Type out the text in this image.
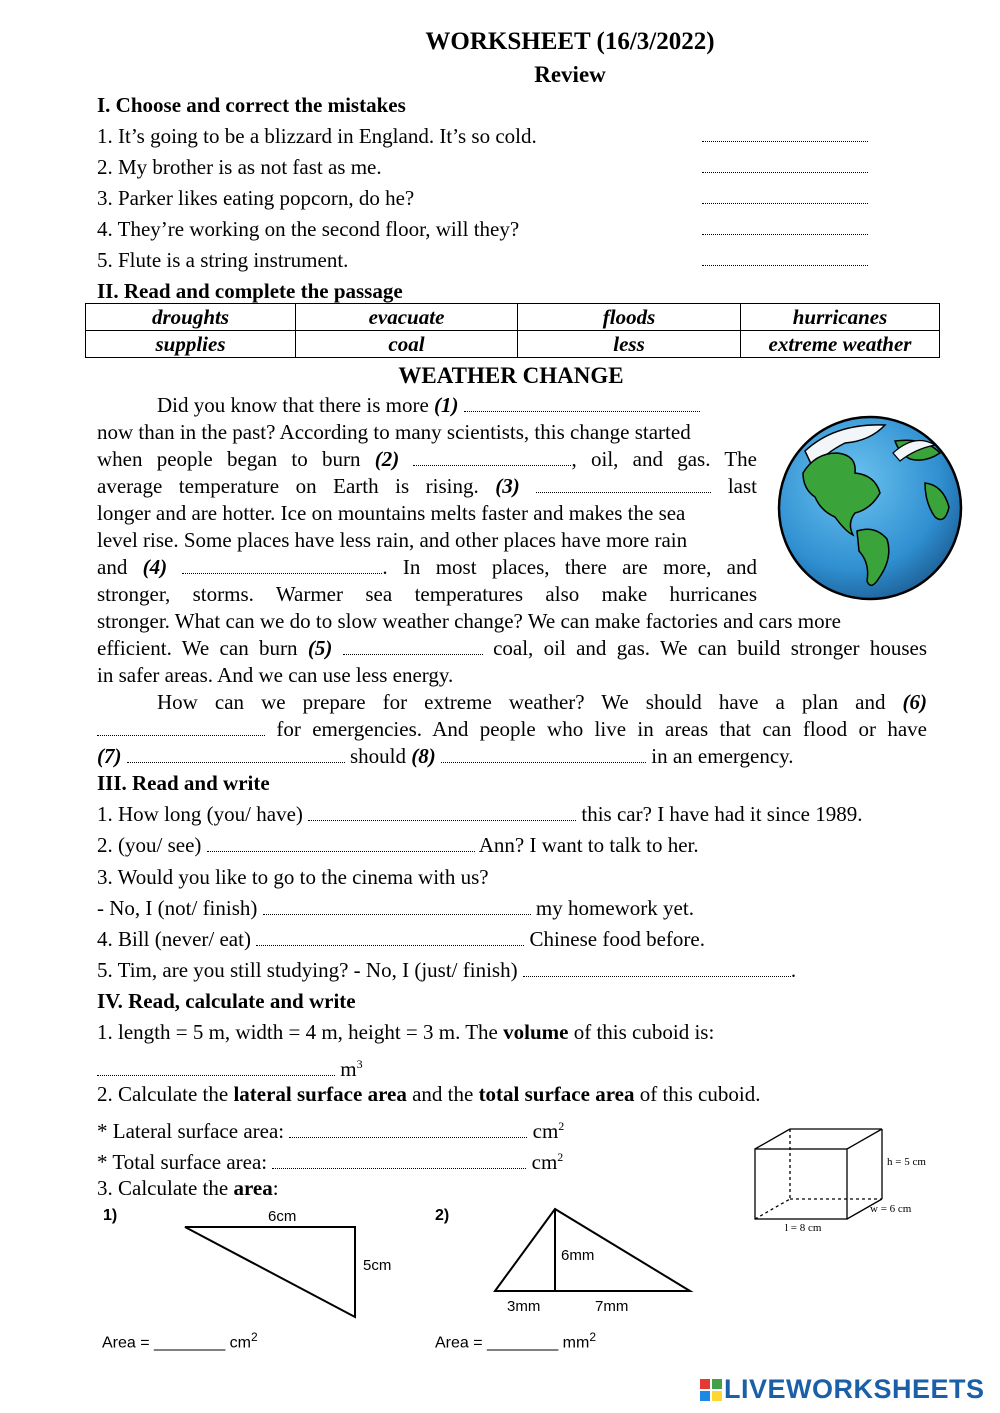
WORKSHEET (16/3/2022)
Review
I. Choose and correct the mistakes
1. It’s going to be a blizzard in England. It’s so cold.
2. My brother is as not fast as me.
3. Parker likes eating popcorn, do he?
4. They’re working on the second floor, will they?
5. Flute is a string instrument.
II. Read and complete the passage
droughts	evacuate	floods	hurricanes
supplies	coal	less	extreme weather
WEATHER CHANGE
Did you know that there is more (1)
now than in the past? According to many scientists, this change started
when people began to burn (2)	, oil, and gas. The
average temperature on Earth is rising. (3)	last
longer and are hotter. Ice on mountains melts faster and makes the sea
level rise. Some places have less rain, and other places have more rain
and (4)	. In most places, there are more, and
stronger, storms. Warmer sea temperatures also make hurricanes
stronger. What can we do to slow weather change? We can make factories and cars more
efficient. We can burn (5)	coal, oil and gas. We can build stronger houses
in safer areas. And we can use less energy.
How can we prepare for extreme weather? We should have a plan and (6)
for emergencies. And people who live in areas that can flood or have
(7)	should (8)	in an emergency.
III. Read and write
1. How long (you/ have)	this car? I have had it since 1989.
2. (you/ see)	Ann? I want to talk to her.
3. Would you like to go to the cinema with us?
- No, I (not/ finish)	my homework yet.
4. Bill (never/ eat)	Chinese food before.
5. Tim, are you still studying? - No, I (just/ finish)	.
IV. Read, calculate and write
1. length = 5 m, width = 4 m, height = 3 m. The volume of this cuboid is:
$m^3$
2. Calculate the lateral surface area and the total surface area of this cuboid.
* Lateral surface area:	$cm^2$
* Total surface area:	$cm^2$
3. Calculate the area:
h = 5 cm
w = 6 cm
l = 8 cm
1)	6cm
5cm
Area = ________ $cm^2$
2)
6mm
3mm	7mm
Area = ________ $mm^2$
LIVEWORKSHEETS
